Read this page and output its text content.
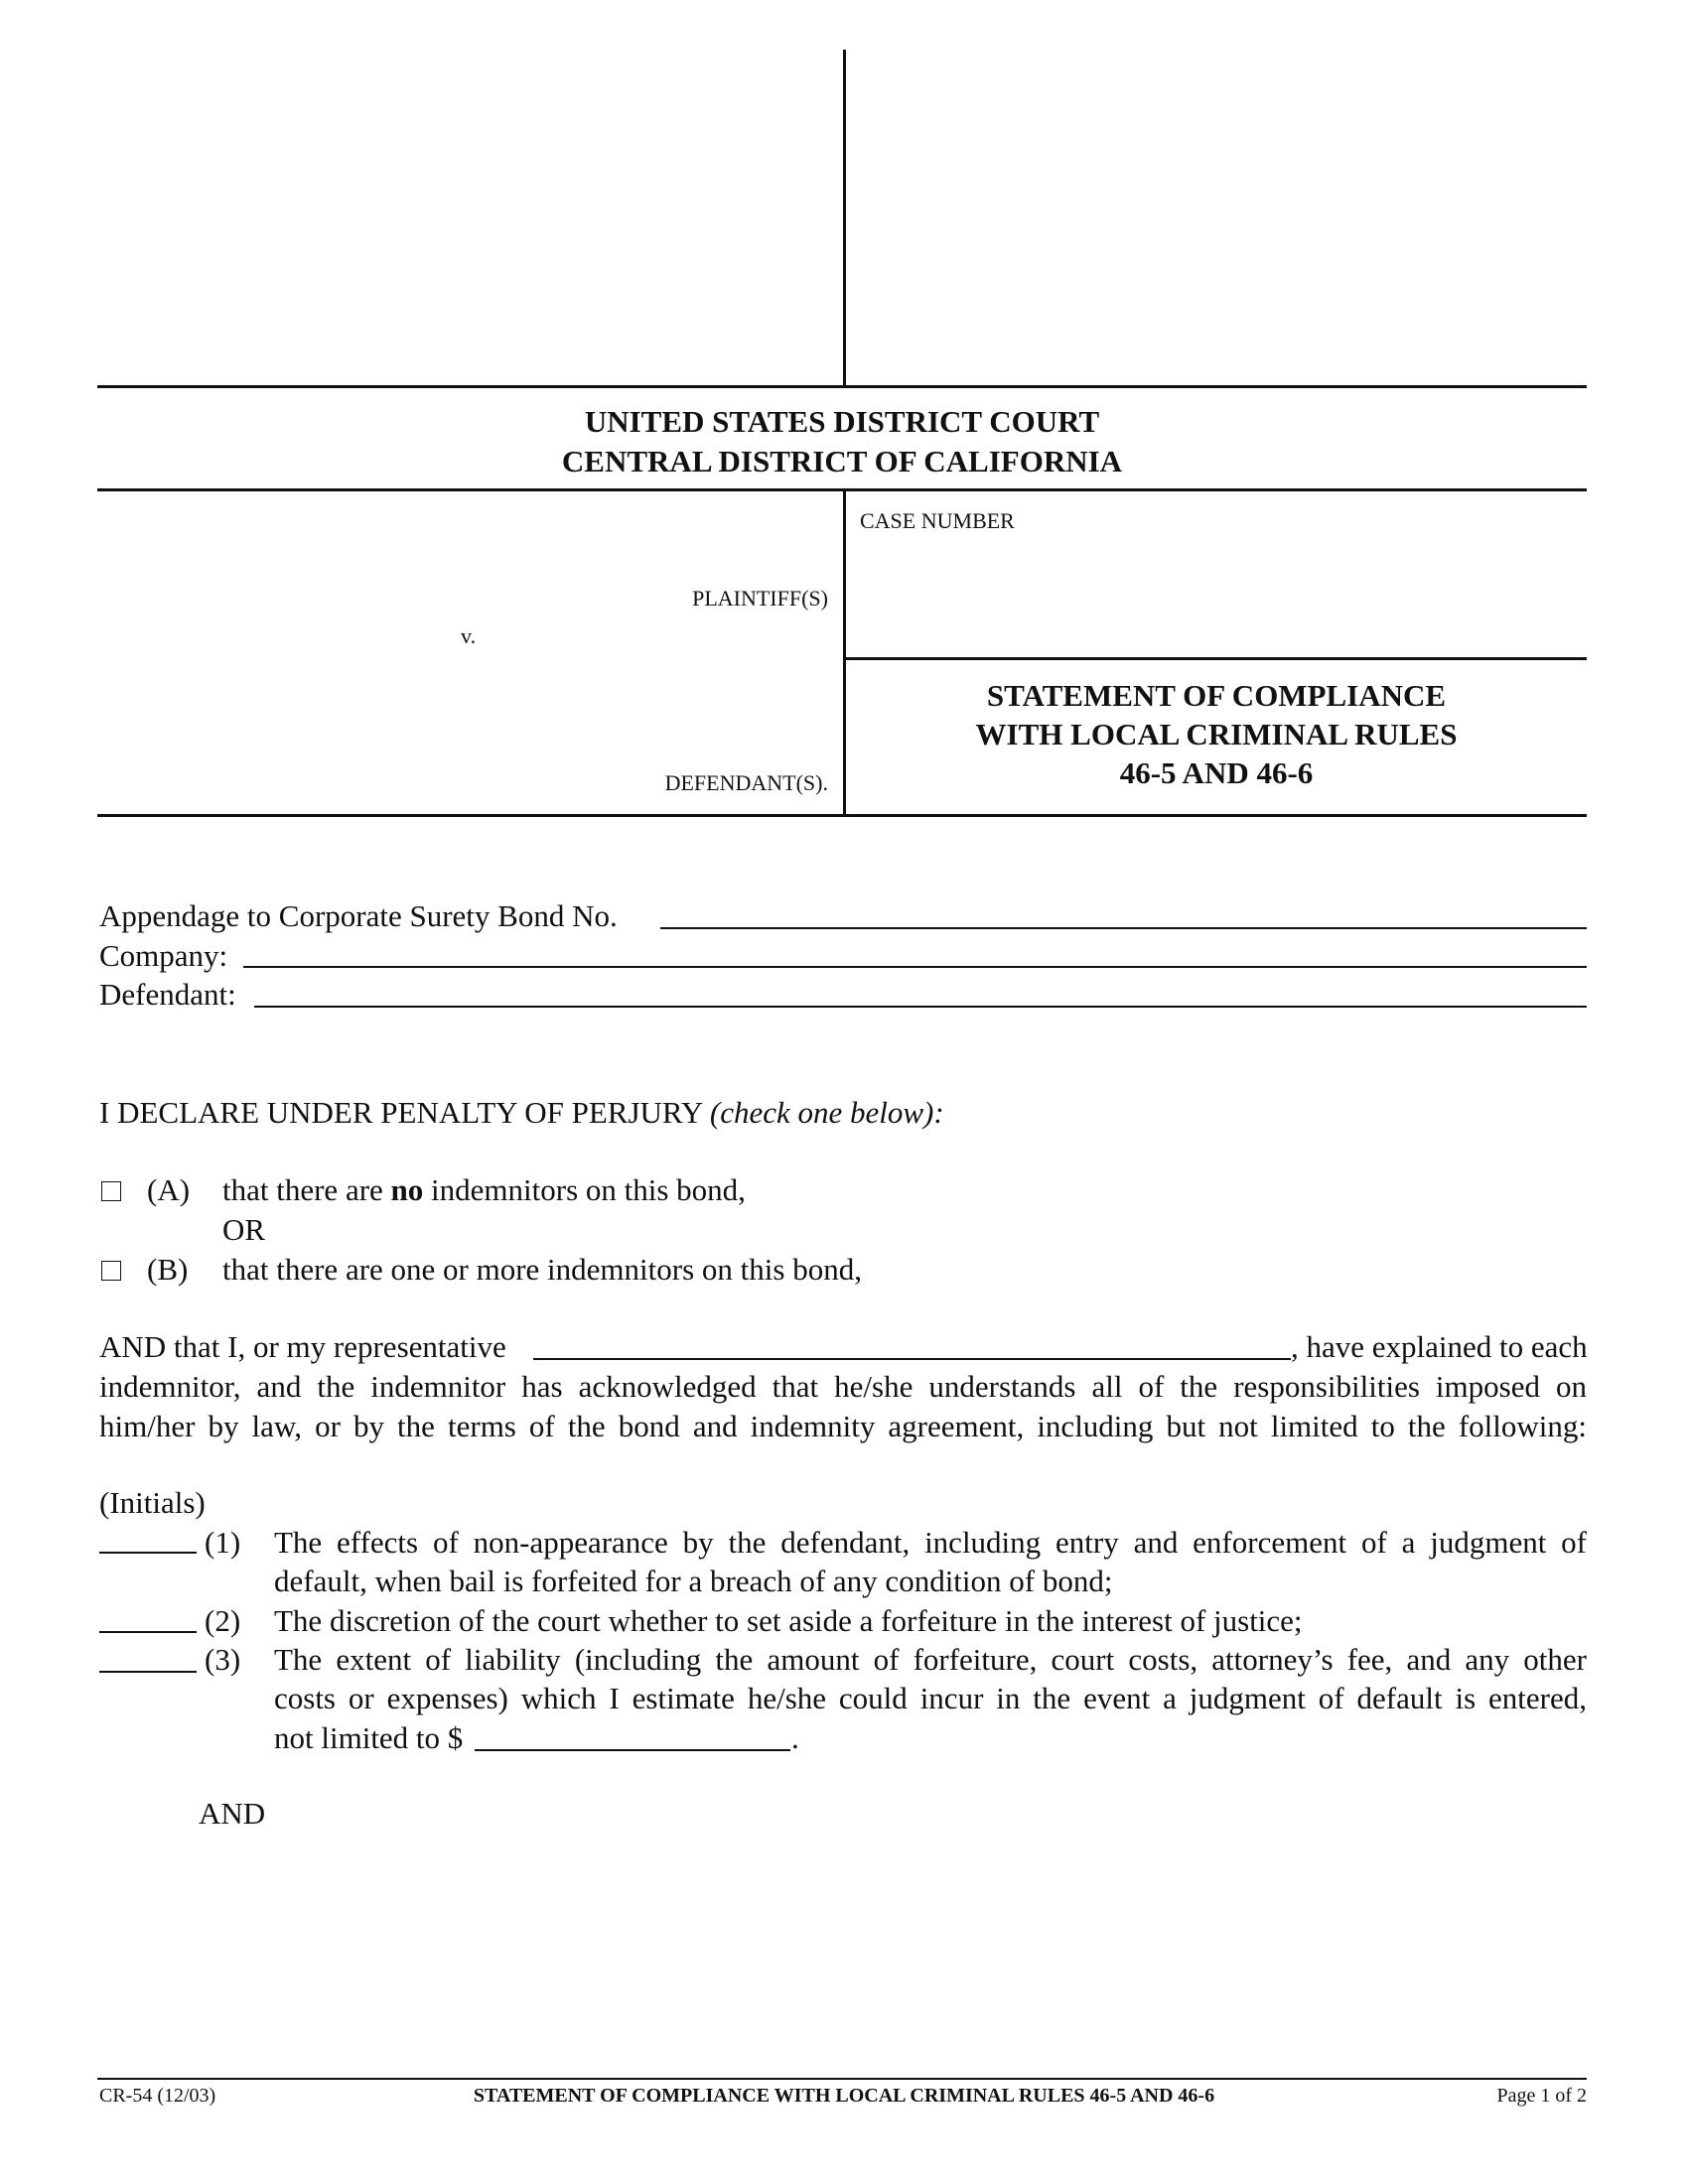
UNITED STATES DISTRICT COURT
CENTRAL DISTRICT OF CALIFORNIA
CASE NUMBER
PLAINTIFF(S)
v.
DEFENDANT(S).
STATEMENT OF COMPLIANCE
WITH LOCAL CRIMINAL RULES
46-5 AND 46-6
Appendage to Corporate Surety Bond No.
Company:
Defendant:
I DECLARE UNDER PENALTY OF PERJURY (check one below):
(A) that there are no indemnitors on this bond,
OR
(B) that there are one or more indemnitors on this bond,
AND that I, or my representative	, have explained to each
indemnitor, and the indemnitor has acknowledged that he/she understands all of the responsibilities imposed on
him/her by law, or by the terms of the bond and indemnity agreement, including but not limited to the following:
(Initials)
(1) The effects of non-appearance by the defendant, including entry and enforcement of a judgment of
default, when bail is forfeited for a breach of any condition of bond;
(2) The discretion of the court whether to set aside a forfeiture in the interest of justice;
(3) The extent of liability (including the amount of forfeiture, court costs, attorney’s fee, and any other
costs or expenses) which I estimate he/she could incur in the event a judgment of default is entered,
not limited to $	.
AND
CR-54 (12/03)	STATEMENT OF COMPLIANCE WITH LOCAL CRIMINAL RULES 46-5 AND 46-6	Page 1 of 2
